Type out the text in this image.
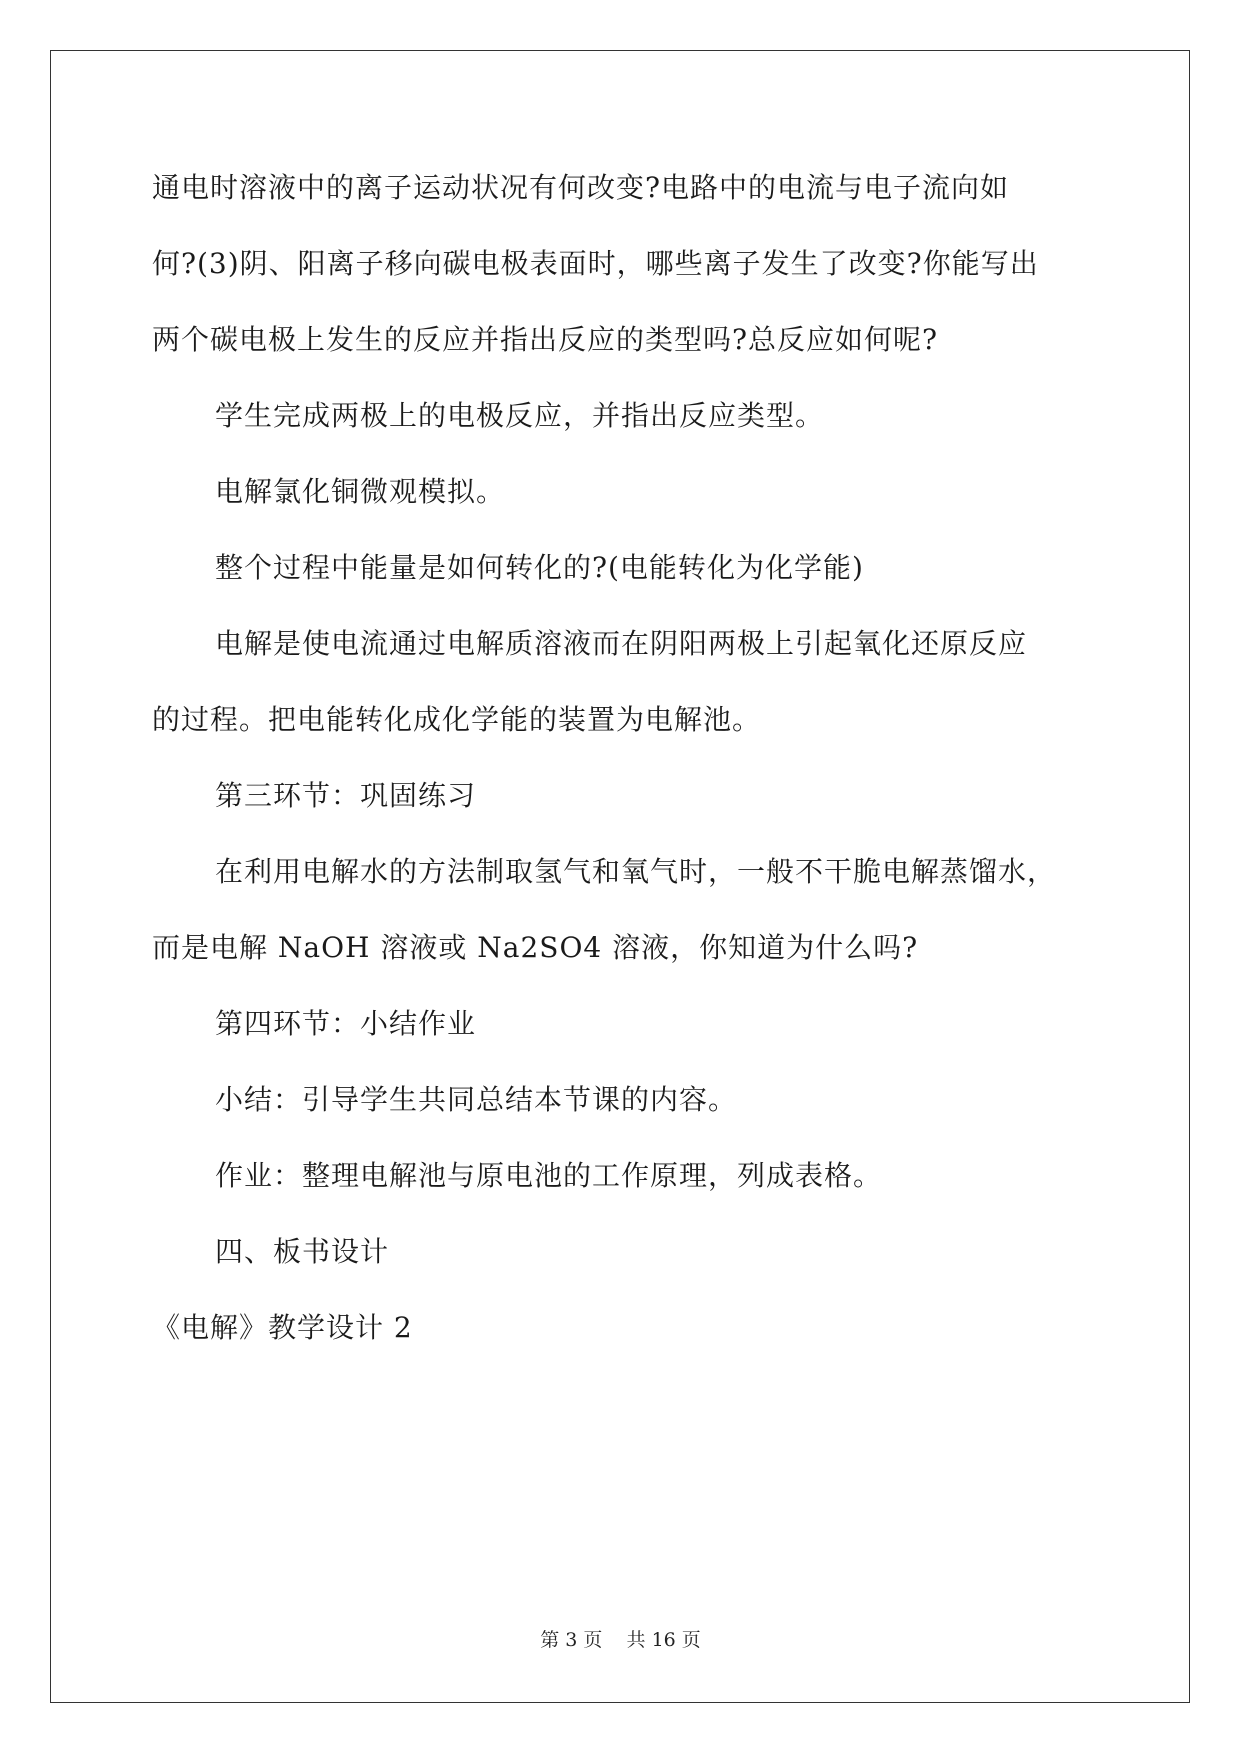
通电时溶液中的离子运动状况有何改变?电路中的电流与电子流向如
何?(3)阴、阳离子移向碳电极表面时，哪些离子发生了改变?你能写出
两个碳电极上发生的反应并指出反应的类型吗?总反应如何呢?
学生完成两极上的电极反应，并指出反应类型。
电解氯化铜微观模拟。
整个过程中能量是如何转化的?(电能转化为化学能)
电解是使电流通过电解质溶液而在阴阳两极上引起氧化还原反应
的过程。把电能转化成化学能的装置为电解池。
第三环节：巩固练习
在利用电解水的方法制取氢气和氧气时，一般不干脆电解蒸馏水，
而是电解 NaOH 溶液或 Na2SO4 溶液，你知道为什么吗?
第四环节：小结作业
小结：引导学生共同总结本节课的内容。
作业：整理电解池与原电池的工作原理，列成表格。
四、板书设计
《电解》教学设计 2
第 3 页    共 16 页
